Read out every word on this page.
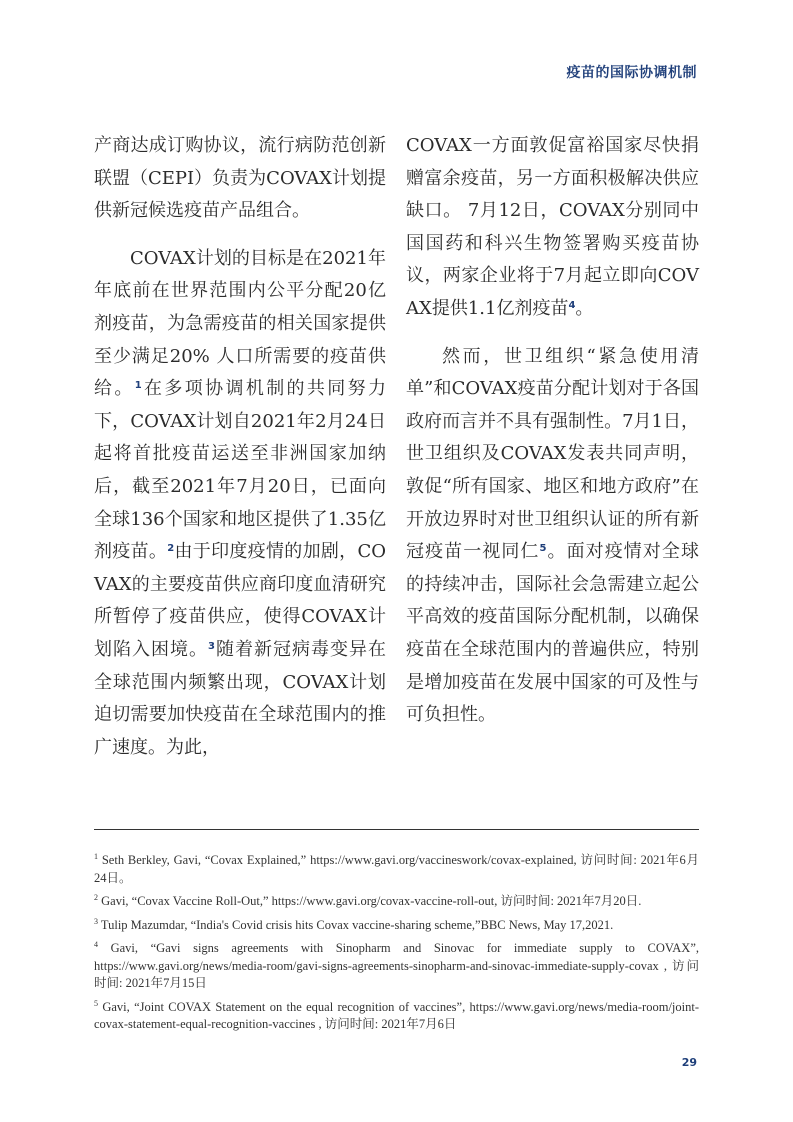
疫苗的国际协调机制

产商达成订购协议，流行病防范创新联盟（CEPI）负责为COVAX计划提供新冠候选疫苗产品组合。

COVAX计划的目标是在2021年年底前在世界范围内公平分配20亿剂疫苗，为急需疫苗的相关国家提供至少满足20% 人口所需要的疫苗供给。$^1$在多项协调机制的共同努力下，COVAX计划自2021年2月24日起将首批疫苗运送至非洲国家加纳后，截至2021年7月20日，已面向全球136个国家和地区提供了1.35亿剂疫苗。$^2$由于印度疫情的加剧，COVAX的主要疫苗供应商印度血清研究所暂停了疫苗供应，使得COVAX计划陷入困境。$^3$随着新冠病毒变异在全球范围内频繁出现，COVAX计划迫切需要加快疫苗在全球范围内的推广速度。为此，

COVAX一方面敦促富裕国家尽快捐赠富余疫苗，另一方面积极解决供应缺口。 7月12日，COVAX分别同中国国药和科兴生物签署购买疫苗协议，两家企业将于7月起立即向COVAX提供1.1亿剂疫苗$^4$。

然而，世卫组织“紧急使用清单”和COVAX疫苗分配计划对于各国政府而言并不具有强制性。7月1日，世卫组织及COVAX发表共同声明，敦促“所有国家、地区和地方政府”在开放边界时对世卫组织认证的所有新冠疫苗一视同仁$^5$。面对疫情对全球的持续冲击，国际社会急需建立起公平高效的疫苗国际分配机制，以确保疫苗在全球范围内的普遍供应，特别是增加疫苗在发展中国家的可及性与可负担性。

$^1$ Seth Berkley, Gavi, “Covax Explained,” https://www.gavi.org/vaccineswork/covax-explained, 访问时间: 2021年6月24日。

$^2$ Gavi, “Covax Vaccine Roll-Out,” https://www.gavi.org/covax-vaccine-roll-out, 访问时间: 2021年7月20日.

$^3$ Tulip Mazumdar, “India's Covid crisis hits Covax vaccine-sharing scheme,”BBC News, May 17,2021.

$^4$ Gavi, “Gavi signs agreements with Sinopharm and Sinovac for immediate supply to COVAX”, https://www.gavi.org/news/media-room/gavi-signs-agreements-sinopharm-and-sinovac-immediate-supply-covax , 访问时间: 2021年7月15日

$^5$ Gavi, “Joint COVAX Statement on the equal recognition of vaccines”, https://www.gavi.org/news/media-room/joint-covax-statement-equal-recognition-vaccines , 访问时间: 2021年7月6日

29
